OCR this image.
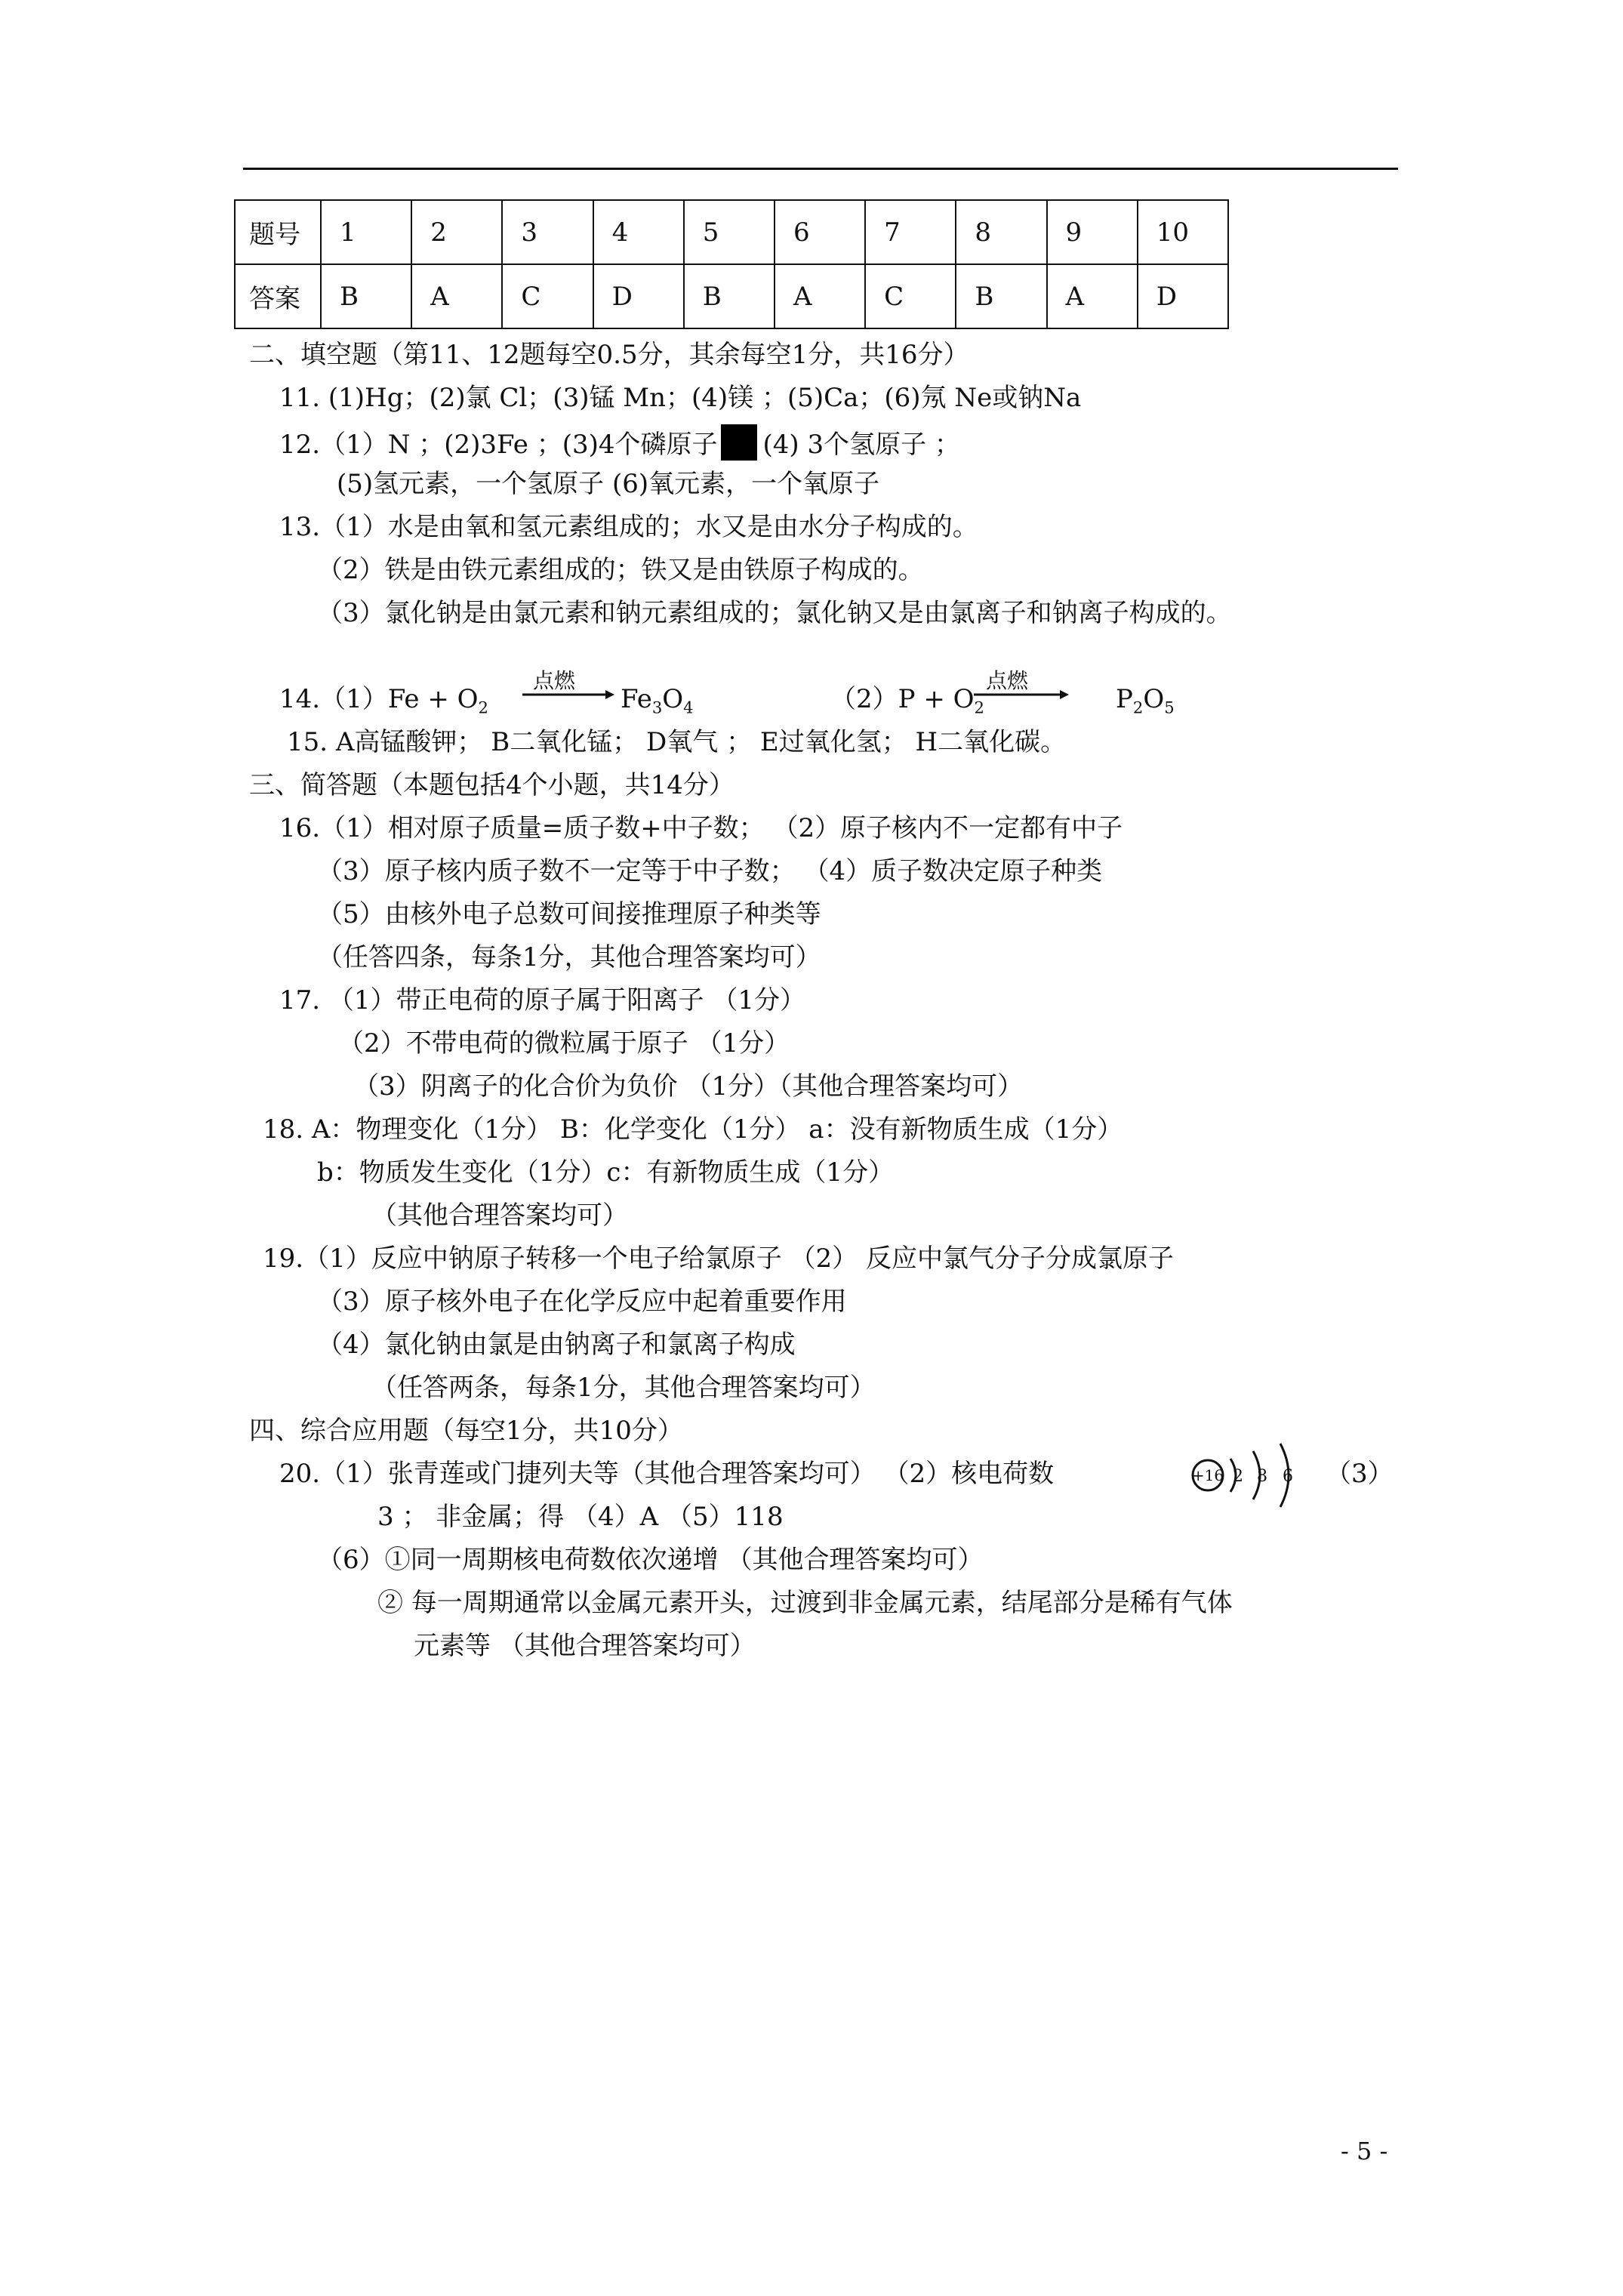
题号	1	2	3	4	5	6	7	8	9	10
答案	B	A	C	D	B	A	C	B	A	D
二、填空题（第11、12题每空0.5分，其余每空1分，共16分）
11. (1)Hg；(2)氯 Cl；(3)锰 Mn；(4)镁 ；(5)Ca；(6)氖 Ne或钠Na
12.（1）N ；(2)3Fe ；(3)4个磷原子 (4) 3个氢原子 ；
(5)氢元素，一个氢原子 (6)氧元素，一个氧原子
13.（1）水是由氧和氢元素组成的；水又是由水分子构成的。
（2）铁是由铁元素组成的；铁又是由铁原子构成的。
（3）氯化钠是由氯元素和钠元素组成的；氯化钠又是由氯离子和钠离子构成的。
$14.(1)Fe + O_2$
点燃
$Fe_3O_4$	$(2)P + O_2$
点燃
$P_2O_5$
15. A高锰酸钾； B二氧化锰； D氧气 ； E过氧化氢； H二氧化碳。
三、简答题（本题包括4个小题，共14分）
16.（1）相对原子质量=质子数+中子数； （2）原子核内不一定都有中子
（3）原子核内质子数不一定等于中子数； （4）质子数决定原子种类
（5）由核外电子总数可间接推理原子种类等
（任答四条，每条1分，其他合理答案均可）
17. （1）带正电荷的原子属于阳离子 （1分）
（2）不带电荷的微粒属于原子 （1分）
（3）阴离子的化合价为负价 （1分）（其他合理答案均可）
18. A：物理变化（1分） B：化学变化（1分） a：没有新物质生成（1分）
b：物质发生变化（1分）c：有新物质生成（1分）
（其他合理答案均可）
19.（1）反应中钠原子转移一个电子给氯原子 （2） 反应中氯气分子分成氯原子
（3）原子核外电子在化学反应中起着重要作用
（4）氯化钠由氯是由钠离子和氯离子构成
（任答两条，每条1分，其他合理答案均可）
四、综合应用题（每空1分，共10分）
20.（1）张青莲或门捷列夫等（其他合理答案均可） （2）核电荷数	+16 2 8 6 （3）
3 ； 非金属；得 （4）A （5）118
（6）①同一周期核电荷数依次递增 （其他合理答案均可）
② 每一周期通常以金属元素开头，过渡到非金属元素，结尾部分是稀有气体
元素等 （其他合理答案均可）
- 5 -
